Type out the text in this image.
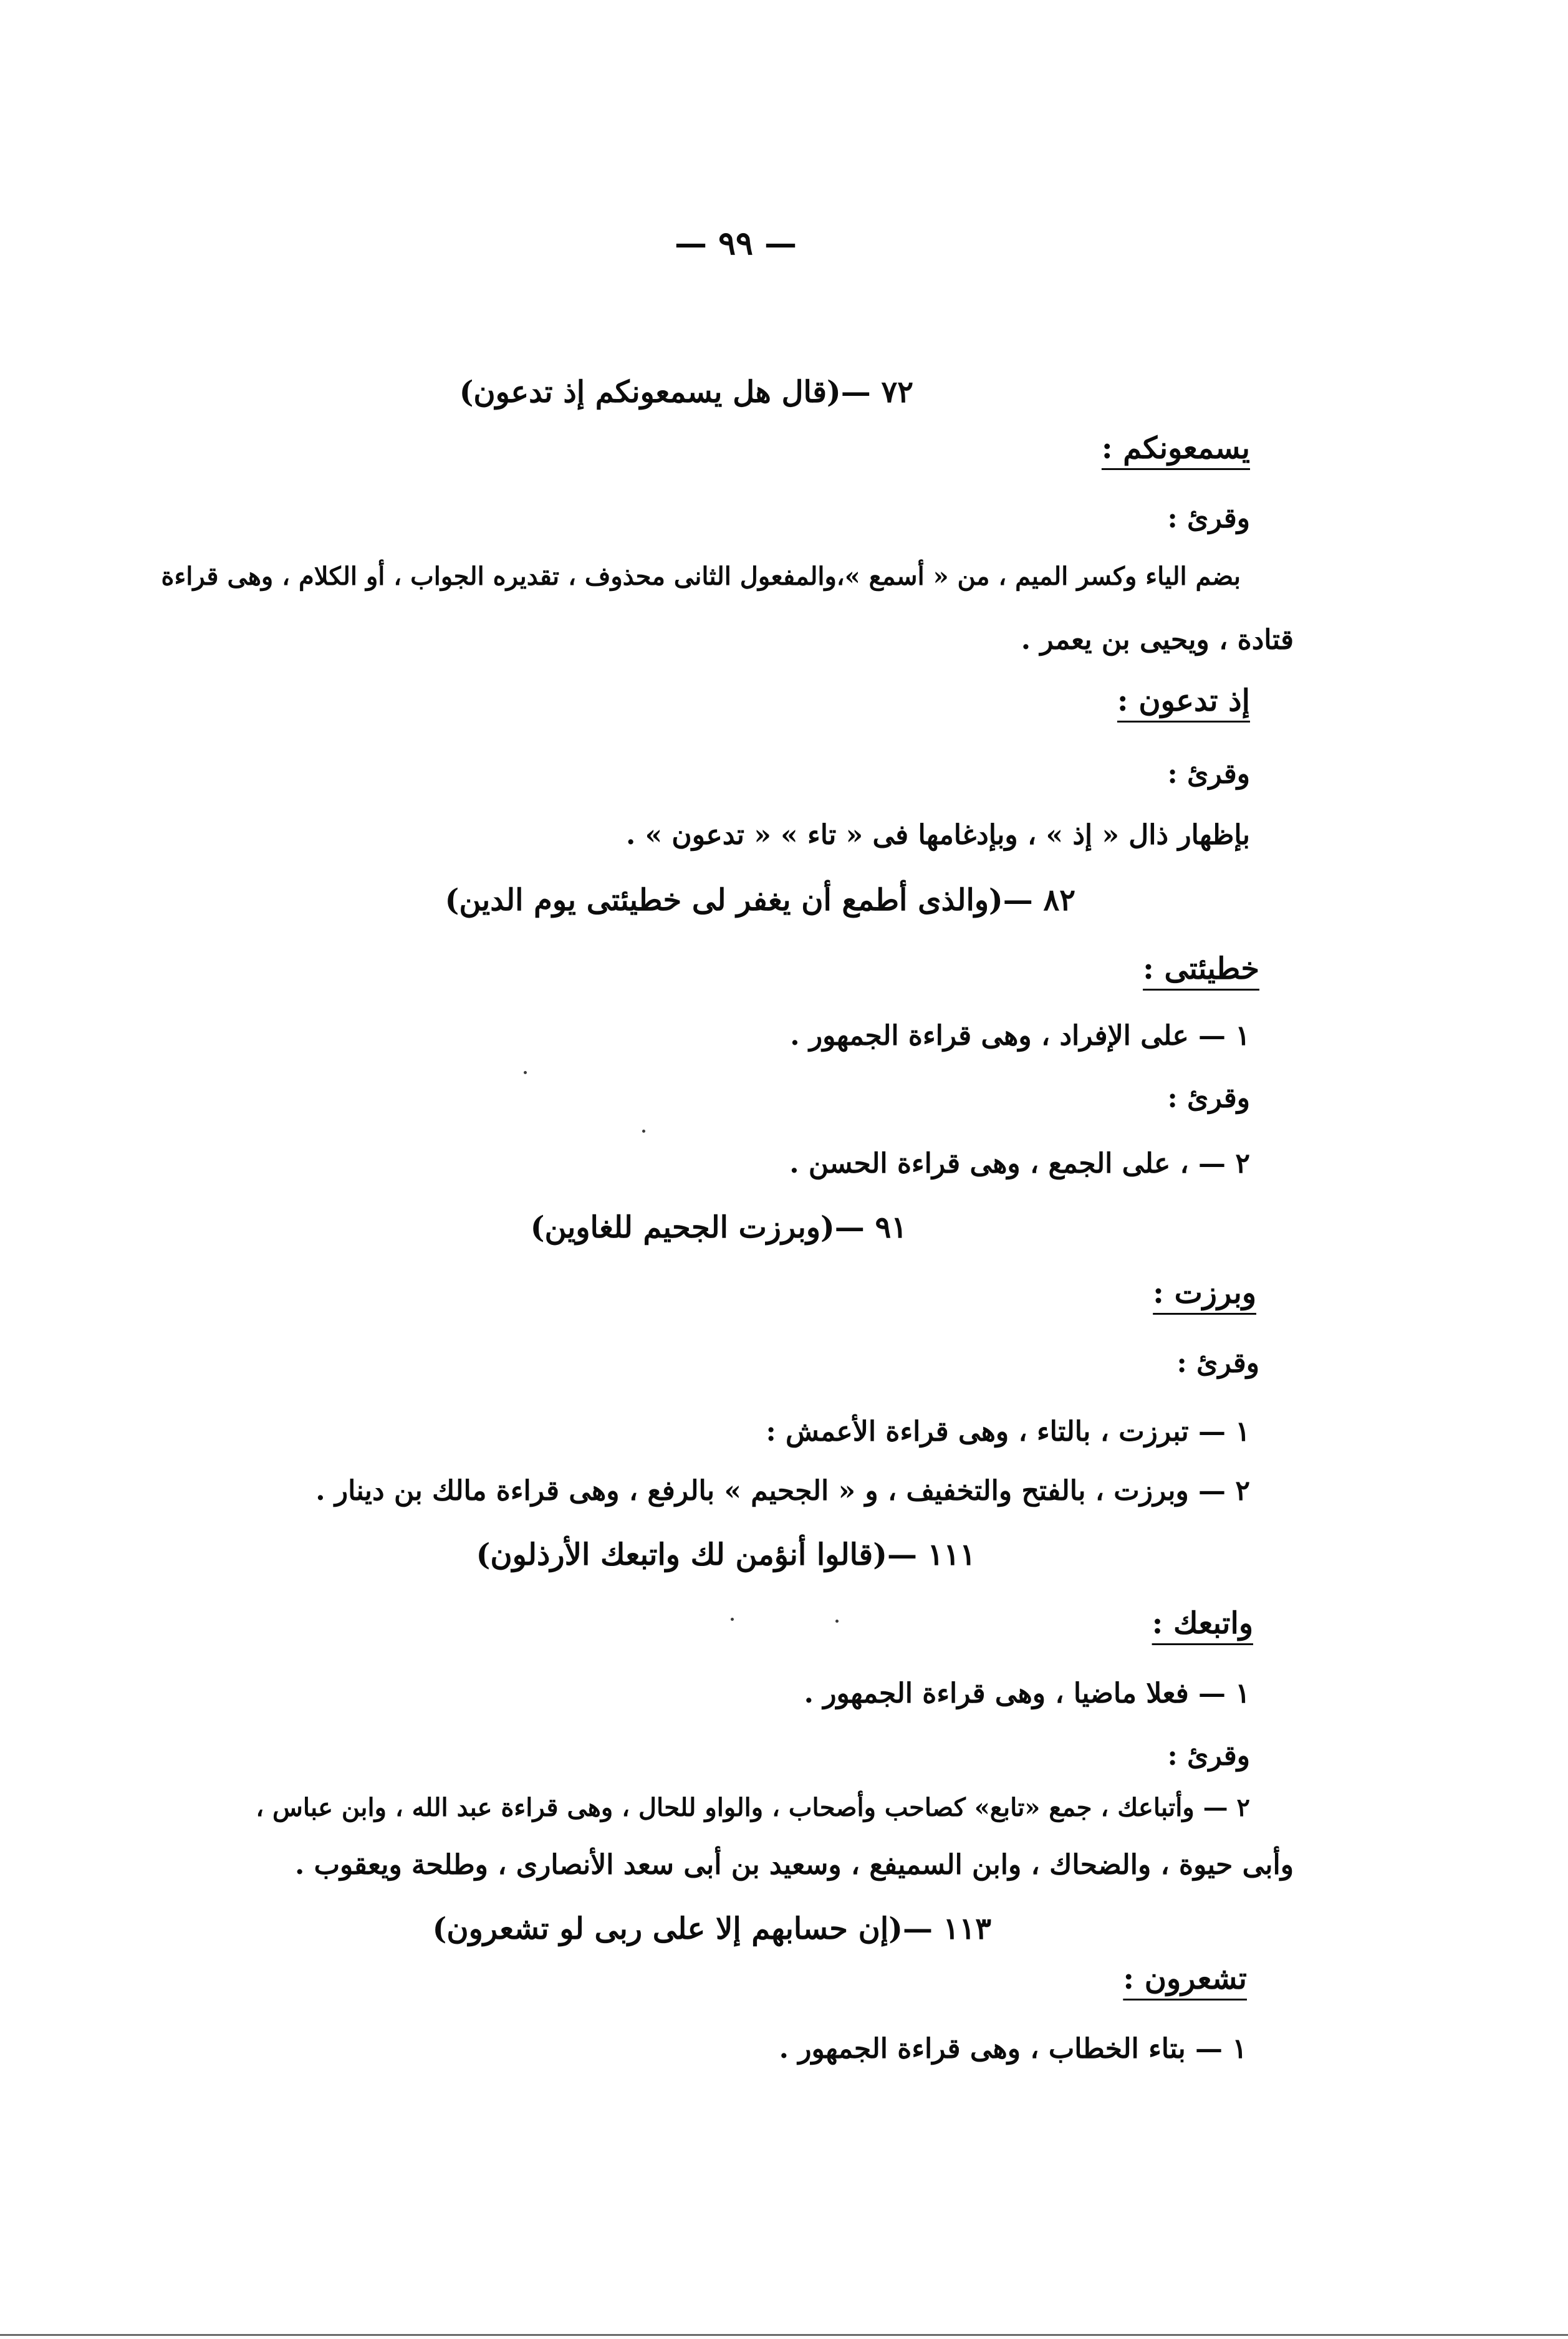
— ٩٩ —
٧٢ —(قال هل يسمعونكم إذ تدعون)
يسمعونكم :
وقرئ :
بضم الياء وكسر الميم ، من « أسمع »،والمفعول الثانى محذوف ، تقديره الجواب ، أو الكلام ، وهى قراءة
قتادة ، ويحيى بن يعمر .
إذ تدعون :
وقرئ :
بإظهار ذال « إذ » ، وبإدغامها فى « تاء » « تدعون » .
٨٢ —(والذى أطمع أن يغفر لى خطيئتى يوم الدين)
خطيئتى :
١ — على الإفراد ، وهى قراءة الجمهور .
وقرئ :
٢ — ، على الجمع ، وهى قراءة الحسن .
٩١ —(وبرزت الجحيم للغاوين)
وبرزت :
وقرئ :
١ — تبرزت ، بالتاء ، وهى قراءة الأعمش :
٢ — وبرزت ، بالفتح والتخفيف ، و « الجحيم » بالرفع ، وهى قراءة مالك بن دينار .
١١١ —(قالوا أنؤمن لك واتبعك الأرذلون)
واتبعك :
١ — فعلا ماضيا ، وهى قراءة الجمهور .
وقرئ :
٢ — وأتباعك ، جمع «تابع» كصاحب وأصحاب ، والواو للحال ، وهى قراءة عبد الله ، وابن عباس ،
وأبى حيوة ، والضحاك ، وابن السميفع ، وسعيد بن أبى سعد الأنصارى ، وطلحة ويعقوب .
١١٣ —(إن حسابهم إلا على ربى لو تشعرون)
تشعرون :
١ — بتاء الخطاب ، وهى قراءة الجمهور .
